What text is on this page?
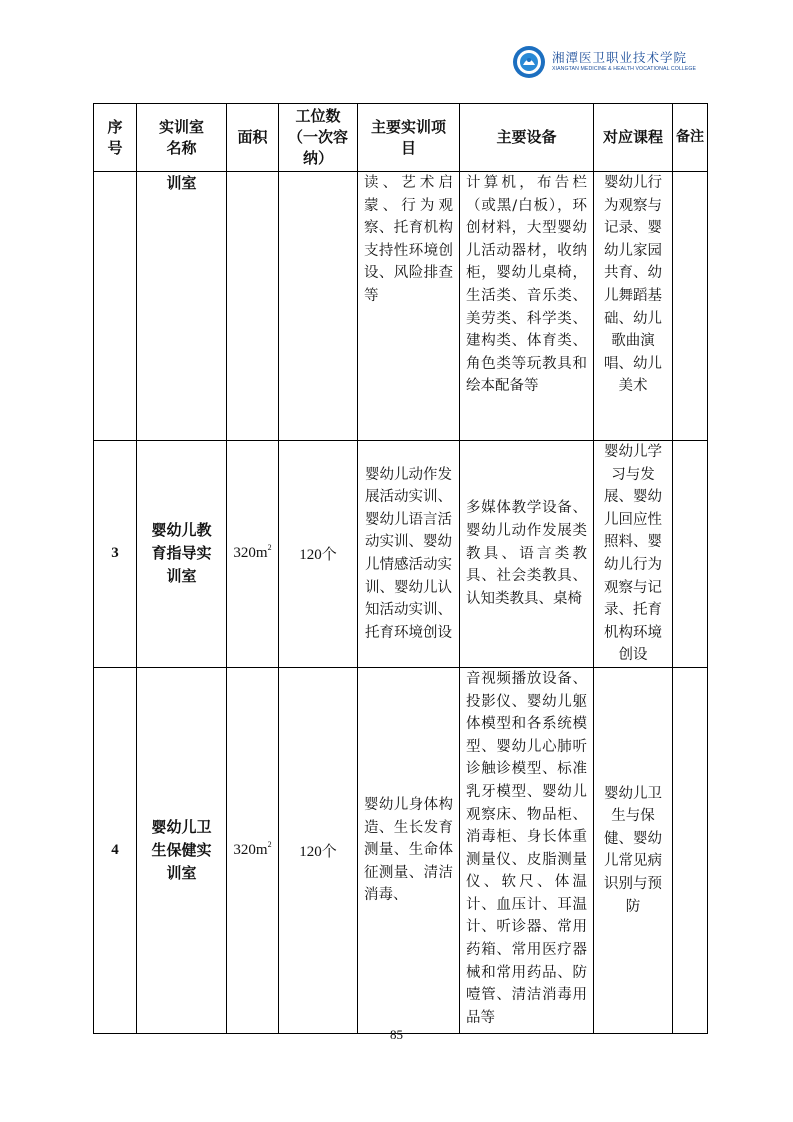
湘潭医卫职业技术学院
XIANGTAN MEDICINE & HEALTH VOCATIONAL COLLEGE
序号	实训室名称	面积	工位数（一次容纳）	主要实训项目	主要设备	对应课程	备注

	训室			读、艺术启蒙、行为观察、托育机构支持性环境创设、风险排查等	计算机，布告栏（或黑/白板），环创材料，大型婴幼儿活动器材，收纳柜，婴幼儿桌椅，生活类、音乐类、美劳类、科学类、建构类、体育类、角色类等玩教具和绘本配备等	婴幼儿行为观察与记录、婴幼儿家园共育、幼儿舞蹈基础、幼儿歌曲演唱、幼儿美术	

3	婴幼儿教育指导实训室	$320m^2$	120个	婴幼儿动作发展活动实训、婴幼儿语言活动实训、婴幼儿情感活动实训、婴幼儿认知活动实训、托育环境创设	多媒体教学设备、婴幼儿动作发展类教具、语言类教具、社会类教具、认知类教具、桌椅	婴幼儿学习与发展、婴幼儿回应性照料、婴幼儿行为观察与记录、托育机构环境创设	

4	婴幼儿卫生保健实训室	$320m^2$	120个	婴幼儿身体构造、生长发育测量、生命体征测量、清洁消毒、	音视频播放设备、投影仪、婴幼儿躯体模型和各系统模型、婴幼儿心肺听诊触诊模型、标准乳牙模型、婴幼儿观察床、物品柜、消毒柜、身长体重测量仪、皮脂测量仪、软尺、体温计、血压计、耳温计、听诊器、常用药箱、常用医疗器械和常用药品、防噎管、清洁消毒用品等	婴幼儿卫生与保健、婴幼儿常见病识别与预防	

85
